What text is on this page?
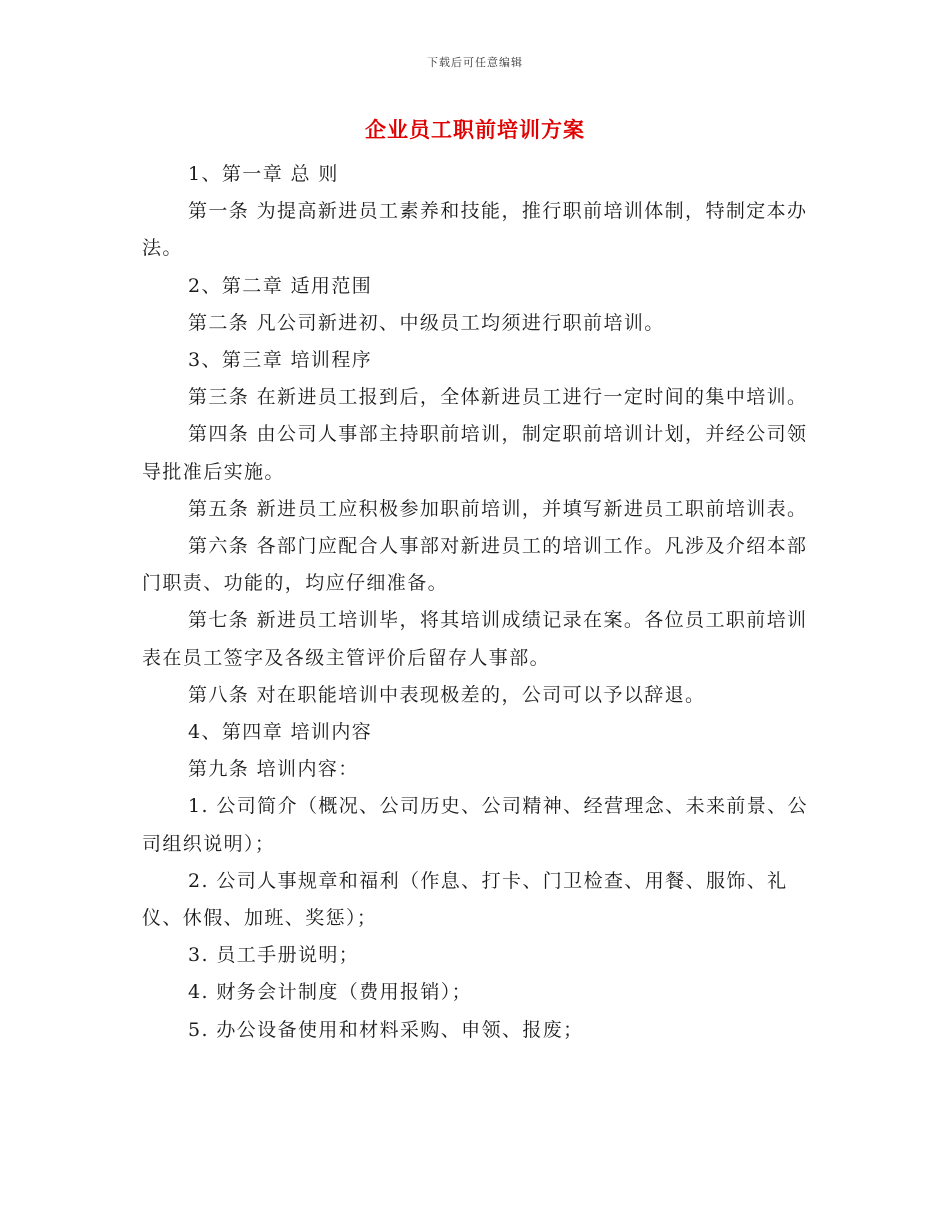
下载后可任意编辑
企业员工职前培训方案

1、第一章 总 则

第一条 为提高新进员工素养和技能，推行职前培训体制，特制定本办法。

2、第二章 适用范围

第二条 凡公司新进初、中级员工均须进行职前培训。

3、第三章 培训程序

第三条 在新进员工报到后，全体新进员工进行一定时间的集中培训。

第四条 由公司人事部主持职前培训，制定职前培训计划，并经公司领导批准后实施。

第五条 新进员工应积极参加职前培训，并填写新进员工职前培训表。

第六条 各部门应配合人事部对新进员工的培训工作。凡涉及介绍本部门职责、功能的，均应仔细准备。

第七条 新进员工培训毕，将其培训成绩记录在案。各位员工职前培训表在员工签字及各级主管评价后留存人事部。

第八条 对在职能培训中表现极差的，公司可以予以辞退。

4、第四章 培训内容

第九条 培训内容：

1. 公司简介（概况、公司历史、公司精神、经营理念、未来前景、公司组织说明）；

2. 公司人事规章和福利（作息、打卡、门卫检查、用餐、服饰、礼仪、休假、加班、奖惩）；

3. 员工手册说明；

4. 财务会计制度（费用报销）；

5. 办公设备使用和材料采购、申领、报废；
